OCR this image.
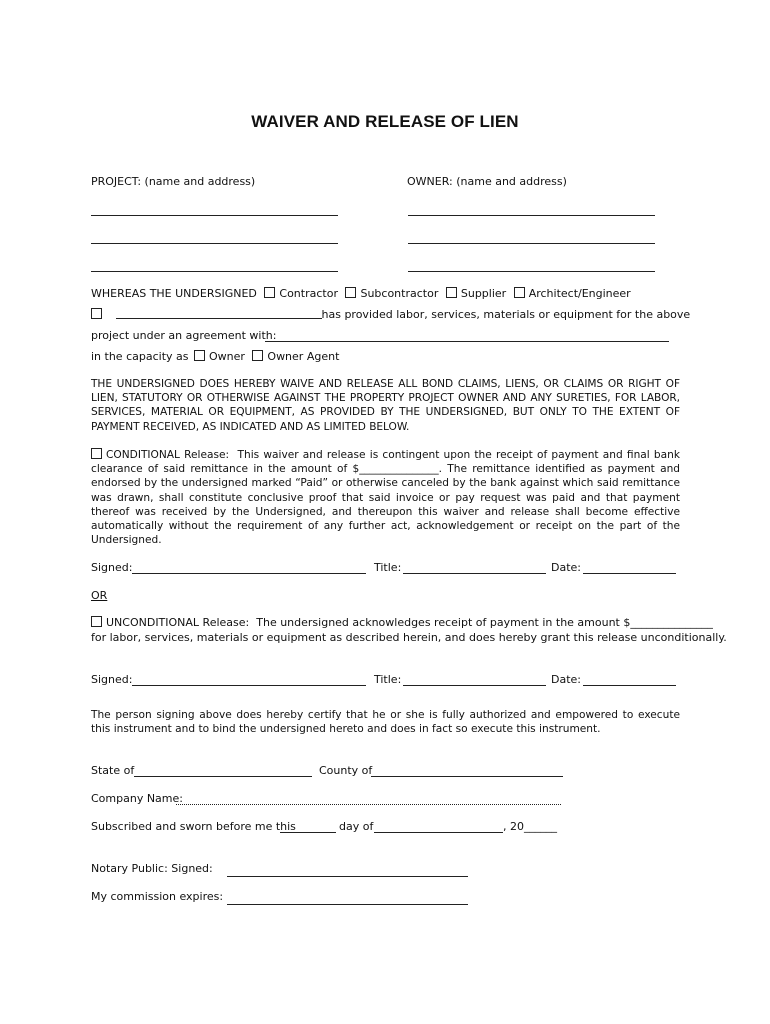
WAIVER AND RELEASE OF LIEN
PROJECT: (name and address)	OWNER: (name and address)
WHEREAS THE UNDERSIGNED Contractor Subcontractor Supplier Architect/Engineer
has provided labor, services, materials or equipment for the above
project under an agreement with:
in the capacity as Owner Owner Agent
THE UNDERSIGNED DOES HEREBY WAIVE AND RELEASE ALL BOND CLAIMS, LIENS, OR CLAIMS OR RIGHT OF LIEN, STATUTORY OR OTHERWISE AGAINST THE PROPERTY PROJECT OWNER AND ANY SURETIES, FOR LABOR, SERVICES, MATERIAL OR EQUIPMENT, AS PROVIDED BY THE UNDERSIGNED, BUT ONLY TO THE EXTENT OF PAYMENT RECEIVED, AS INDICATED AND AS LIMITED BELOW.
CONDITIONAL Release: This waiver and release is contingent upon the receipt of payment and final bank clearance of said remittance in the amount of $_______________. The remittance identified as payment and endorsed by the undersigned marked “Paid” or otherwise canceled by the bank against which said remittance was drawn, shall constitute conclusive proof that said invoice or pay request was paid and that payment thereof was received by the Undersigned, and thereupon this waiver and release shall become effective automatically without the requirement of any further act, acknowledgement or receipt on the part of the Undersigned.
Signed:	Title:	Date:
OR
UNCONDITIONAL Release: The undersigned acknowledges receipt of payment in the amount $_______________
for labor, services, materials or equipment as described herein, and does hereby grant this release unconditionally.
Signed:	Title:	Date:
The person signing above does hereby certify that he or she is fully authorized and empowered to execute this instrument and to bind the undersigned hereto and does in fact so execute this instrument.
State of	County of
Company Name:
Subscribed and sworn before me this	day of	, 20______
Notary Public: Signed:
My commission expires:
